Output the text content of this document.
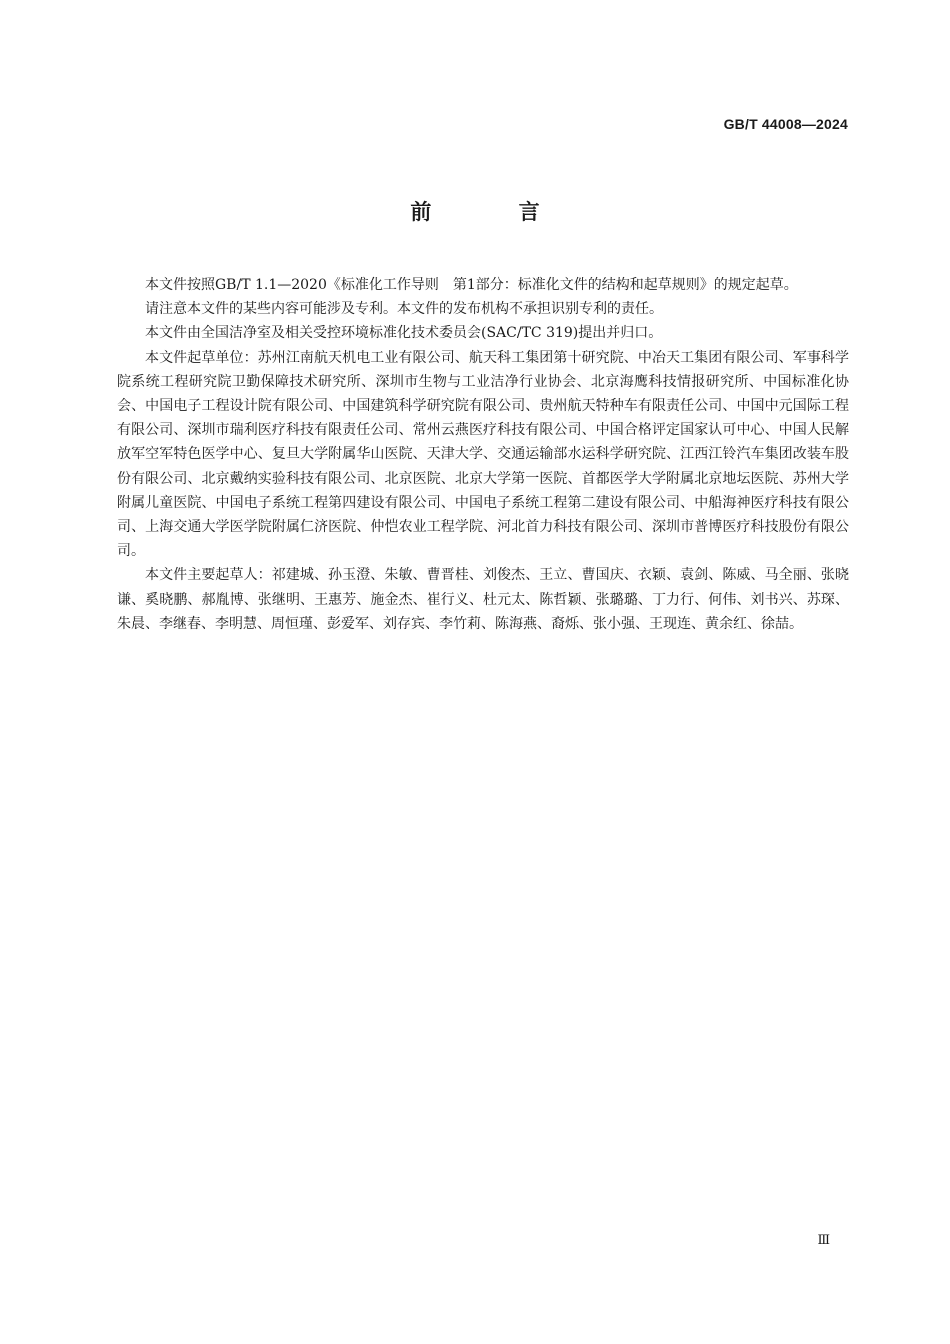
GB/T 44008—2024
前 言

本文件按照GB/T 1.1—2020《标准化工作导则　第1部分：标准化文件的结构和起草规则》的规定起草。

请注意本文件的某些内容可能涉及专利。本文件的发布机构不承担识别专利的责任。

本文件由全国洁净室及相关受控环境标准化技术委员会(SAC/TC 319)提出并归口。

本文件起草单位：苏州江南航天机电工业有限公司、航天科工集团第十研究院、中冶天工集团有限公司、军事科学院系统工程研究院卫勤保障技术研究所、深圳市生物与工业洁净行业协会、北京海鹰科技情报研究所、中国标准化协会、中国电子工程设计院有限公司、中国建筑科学研究院有限公司、贵州航天特种车有限责任公司、中国中元国际工程有限公司、深圳市瑞利医疗科技有限责任公司、常州云燕医疗科技有限公司、中国合格评定国家认可中心、中国人民解放军空军特色医学中心、复旦大学附属华山医院、天津大学、交通运输部水运科学研究院、江西江铃汽车集团改装车股份有限公司、北京戴纳实验科技有限公司、北京医院、北京大学第一医院、首都医学大学附属北京地坛医院、苏州大学附属儿童医院、中国电子系统工程第四建设有限公司、中国电子系统工程第二建设有限公司、中船海神医疗科技有限公司、上海交通大学医学院附属仁济医院、仲恺农业工程学院、河北首力科技有限公司、深圳市普博医疗科技股份有限公司。

本文件主要起草人：祁建城、孙玉澄、朱敏、曹晋桂、刘俊杰、王立、曹国庆、衣颖、袁剑、陈威、马全丽、张晓谦、奚晓鹏、郝胤博、张继明、王惠芳、施金杰、崔行义、杜元太、陈哲颖、张璐璐、丁力行、何伟、刘书兴、苏琛、朱晨、李继春、李明慧、周恒瑾、彭爱军、刘存宾、李竹莉、陈海燕、裔烁、张小强、王现连、黄余红、徐喆。

Ⅲ
